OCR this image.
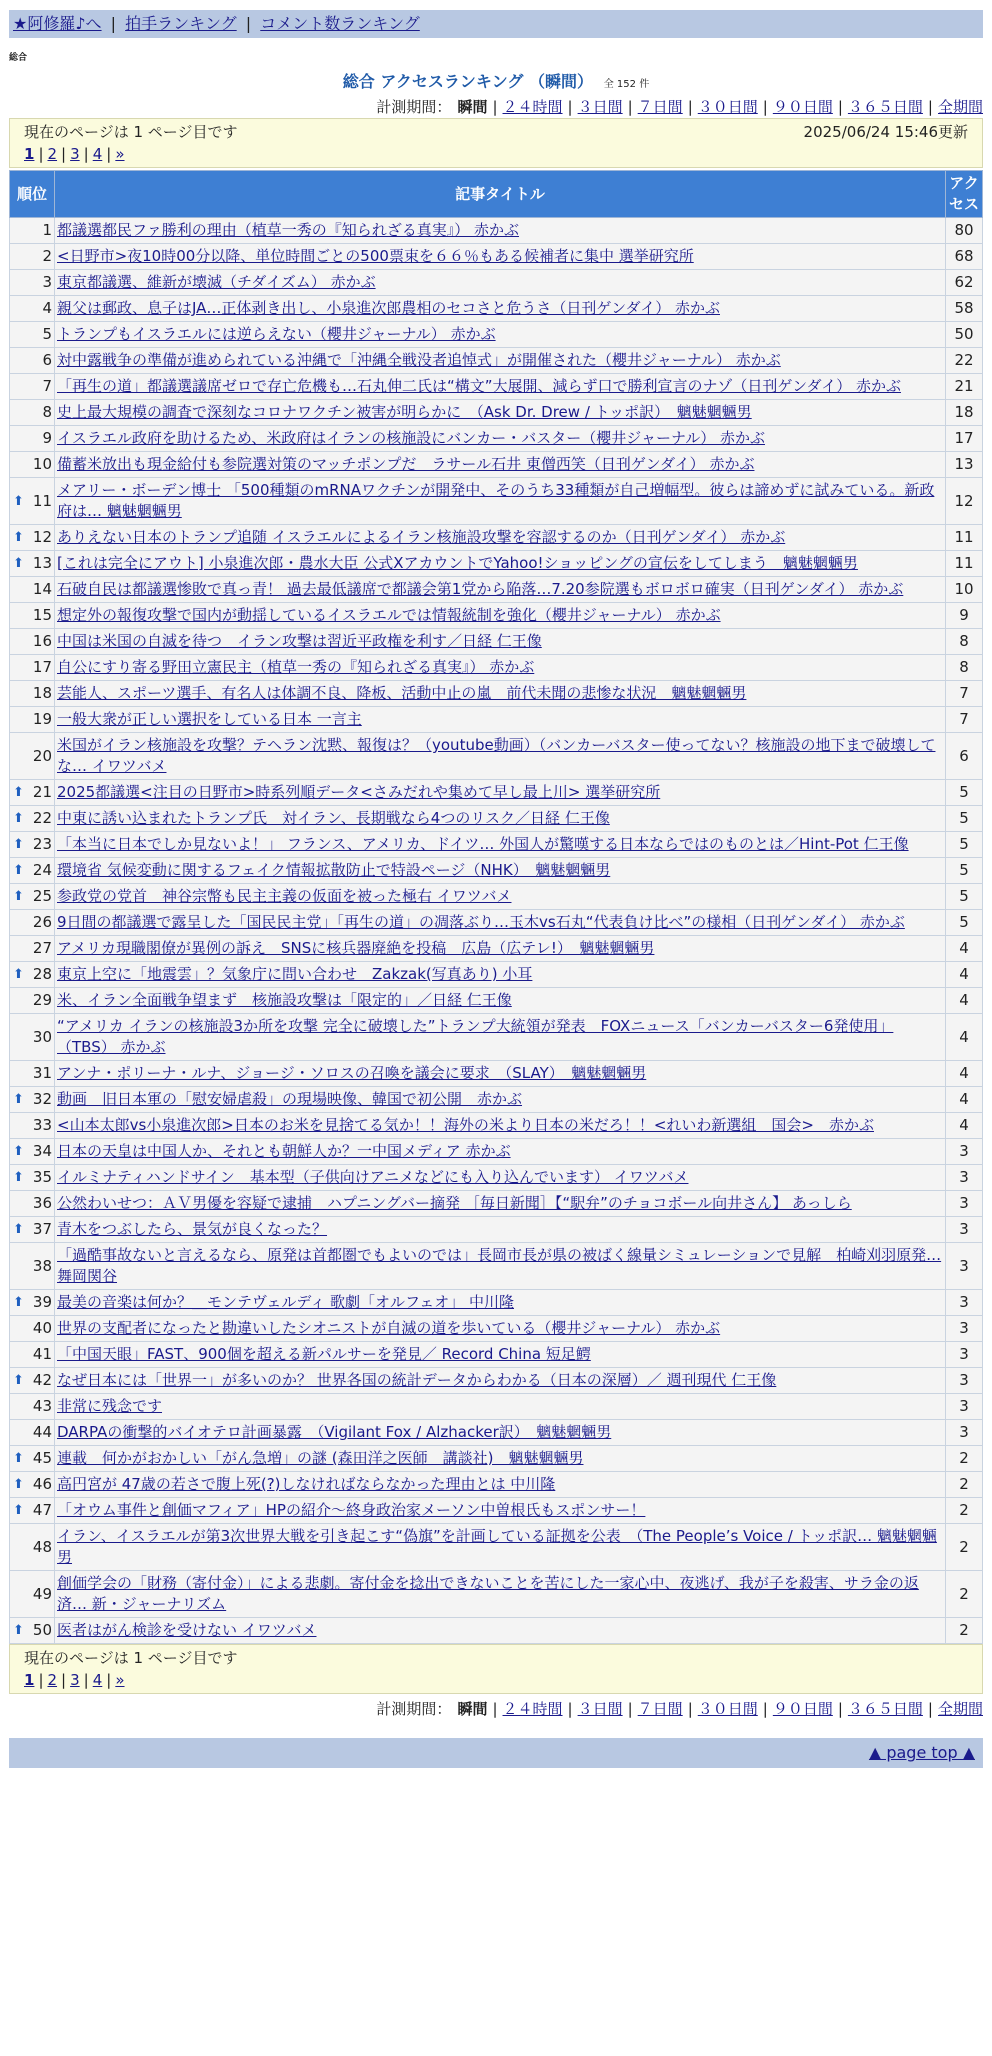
★阿修羅♪へ | 拍手ランキング | コメント数ランキング
総合
総合 アクセスランキング （瞬間） 全 152 件
計測期間： 瞬間 | ２４時間 | ３日間 | ７日間 | ３０日間 | ９０日間 | ３６５日間 | 全期間
現在のページは 1 ページ目です	2025/06/24 15:46更新
1 | 2 | 3 | 4 | »
順位	記事タイトル	アクセス
1	都議選都民ファ勝利の理由（植草一秀の『知られざる真実』） 赤かぶ	80
2	<日野市>夜10時00分以降、単位時間ごとの500票束を６６％もある候補者に集中 選挙研究所	68
3	東京都議選、維新が壊滅（チダイズム） 赤かぶ	62
4	親父は郵政、息子はJA…正体剥き出し、小泉進次郎農相のセコさと危うさ（日刊ゲンダイ） 赤かぶ	58
5	トランプもイスラエルには逆らえない（櫻井ジャーナル） 赤かぶ	50
6	対中露戦争の準備が進められている沖縄で「沖縄全戦没者追悼式」が開催された（櫻井ジャーナル） 赤かぶ	22
7	「再生の道」都議選議席ゼロで存亡危機も…石丸伸二氏は“構文”大展開、減らず口で勝利宣言のナゾ（日刊ゲンダイ） 赤かぶ	21
8	史上最大規模の調査で深刻なコロナワクチン被害が明らかに　（Ask Dr. Drew / トッポ訳）　魑魅魍魎男	18
9	イスラエル政府を助けるため、米政府はイランの核施設にバンカー・バスター（櫻井ジャーナル） 赤かぶ	17
10	備蓄米放出も現金給付も参院選対策のマッチポンプだ　ラサール石井 東僧西笑（日刊ゲンダイ） 赤かぶ	13

⬆ 11	メアリー・ボーデン博士 「500種類のmRNAワクチンが開発中、そのうち33種類が自己増幅型。彼らは諦めずに試みている。新政府は… 魑魅魍魎男	12

⬆ 12	ありえない日本のトランプ追随 イスラエルによるイラン核施設攻撃を容認するのか（日刊ゲンダイ） 赤かぶ	11

⬆ 13	[これは完全にアウト] 小泉進次郎・農水大臣 公式XアカウントでYahoo!ショッピングの宣伝をしてしまう　魑魅魍魎男	11
14	石破自民は都議選惨敗で真っ青！ 過去最低議席で都議会第1党から陥落…7.20参院選もボロボロ確実（日刊ゲンダイ） 赤かぶ	10
15	想定外の報復攻撃で国内が動揺しているイスラエルでは情報統制を強化（櫻井ジャーナル） 赤かぶ	9
16	中国は米国の自滅を待つ　イラン攻撃は習近平政権を利す／日経 仁王像	8
17	自公にすり寄る野田立憲民主（植草一秀の『知られざる真実』） 赤かぶ	8
18	芸能人、スポーツ選手、有名人は体調不良、降板、活動中止の嵐　前代未聞の悲惨な状況　魑魅魍魎男	7
19	一般大衆が正しい選択をしている日本 一言主	7
20	米国がイラン核施設を攻撃？テヘラン沈黙、報復は？（youtube動画）（バンカーバスター使ってない？核施設の地下まで破壊してな… イワツバメ	6

⬆ 21	2025都議選<注目の日野市>時系列順データ<さみだれや集めて早し最上川> 選挙研究所	5

⬆ 22	中東に誘い込まれたトランプ氏　対イラン、長期戦なら4つのリスク／日経 仁王像	5

⬆ 23	「本当に日本でしか見ないよ！」 フランス、アメリカ、ドイツ… 外国人が驚嘆する日本ならではのものとは／Hint-Pot 仁王像	5

⬆ 24	環境省 気候変動に関するフェイク情報拡散防止で特設ページ（NHK）　魑魅魍魎男	5

⬆ 25	参政党の党首　神谷宗幣も民主主義の仮面を被った極右 イワツバメ	5
26	9日間の都議選で露呈した「国民民主党」「再生の道」の凋落ぶり…玉木vs石丸“代表負け比べ”の様相（日刊ゲンダイ） 赤かぶ	5
27	アメリカ現職閣僚が異例の訴え　SNSに核兵器廃絶を投稿　広島（広テレ!）　魑魅魍魎男	4

⬆ 28	東京上空に「地震雲」？気象庁に問い合わせ　Zakzak(写真あり) 小耳	4
29	米、イラン全面戦争望まず　核施設攻撃は「限定的」／日経 仁王像	4
30	“アメリカ イランの核施設3か所を攻撃 完全に破壊した”トランプ大統領が発表　FOXニュース「バンカーバスター6発使用」（TBS） 赤かぶ	4
31	アンナ・ポリーナ・ルナ、ジョージ・ソロスの召喚を議会に要求　（SLAY）　魑魅魍魎男	4

⬆ 32	動画　旧日本軍の「慰安婦虐殺」の現場映像、韓国で初公開　赤かぶ	4
33	<山本太郎vs小泉進次郎>日本のお米を見捨てる気か！！海外の米より日本の米だろ！！<れいわ新選組　国会>　赤かぶ	4

⬆ 34	日本の天皇は中国人か、それとも朝鮮人か？一中国メディア 赤かぶ	3

⬆ 35	イルミナティハンドサイン　基本型（子供向けアニメなどにも入り込んでいます） イワツバメ	3
36	公然わいせつ：ＡＶ男優を容疑で逮捕　ハプニングバー摘発 ［毎日新聞］【“駅弁”のチョコボール向井さん】 あっしら	3

⬆ 37	青木をつぶしたら、景気が良くなった？	3
38	「過酷事故ないと言えるなら、原発は首都圏でもよいのでは」長岡市長が県の被ばく線量シミュレーションで見解　柏崎刈羽原発… 舞岡関谷	3

⬆ 39	最美の音楽は何か？＿モンテヴェルディ 歌劇「オルフェオ」 中川隆	3
40	世界の支配者になったと勘違いしたシオニストが自滅の道を歩いている（櫻井ジャーナル） 赤かぶ	3
41	「中国天眼」FAST、900個を超える新パルサーを発見／ Record China 短足鰐	3

⬆ 42	なぜ日本には「世界一」が多いのか？ 世界各国の統計データからわかる（日本の深層）／ 週刊現代 仁王像	3
43	非常に残念です	3
44	DARPAの衝撃的バイオテロ計画暴露　（Vigilant Fox / Alzhacker訳）　魑魅魍魎男	3

⬆ 45	連載　何かがおかしい「がん急増」の謎 (森田洋之医師　講談社)　魑魅魍魎男	2

⬆ 46	高円宮が 47歳の若さで腹上死(?)しなければならなかった理由とは 中川隆	2

⬆ 47	「オウム事件と創価マフィア」HPの紹介～終身政治家メーソン中曽根氏もスポンサー！	2
48	イラン、イスラエルが第3次世界大戦を引き起こす“偽旗”を計画している証拠を公表　（The People’s Voice / トッポ訳… 魑魅魍魎男	2
49	創価学会の「財務（寄付金）」による悲劇。寄付金を捻出できないことを苦にした一家心中、夜逃げ、我が子を殺害、サラ金の返済… 新・ジャーナリズム	2

⬆ 50	医者はがん検診を受けない イワツバメ	2
現在のページは 1 ページ目です
1 | 2 | 3 | 4 | »
計測期間： 瞬間 | ２４時間 | ３日間 | ７日間 | ３０日間 | ９０日間 | ３６５日間 | 全期間
▲ page top ▲
